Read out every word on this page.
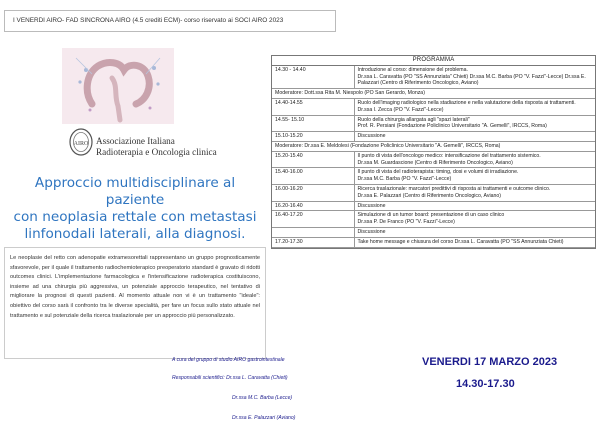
I VENERDI AIRO- FAD SINCRONA AIRO (4.5 crediti ECM)- corso riservato ai SOCI AIRO 2023
AIRO Associazione Italiana
Radioterapia e Oncologia clinica
Approccio multidisciplinare al paziente
con neoplasia rettale con metastasi
linfonodali laterali, alla diagnosi.
Le neoplasie del retto con adenopatie extramesorettali rappresentano un gruppo prognosticamente sfavorevole, per il quale il trattamento radiochemioterapico preoperatorio standard è gravato di ridotti outcomes clinici. L'implementazione farmacologica e l'intensificazione radioterapica costituiscono, insieme ad una chirurgia più aggressiva, un potenziale approccio terapeutico, nel tentativo di migliorare la prognosi di questi pazienti. Al momento attuale non vi è un trattamento "ideale": obiettivo del corso sarà il confronto tra le diverse specialità, per fare un focus sullo stato attuale nel trattamento e sul potenziale della ricerca traslazionale per un approccio più personalizzato.
A cura del gruppo di studio AIRO gastrointestinale
Responsabili scientifici: Dr.ssa L. Caravatta (Chieti)
Dr.ssa M.C. Barba (Lecce)
Dr.ssa E. Palazzari (Aviano)
PROGRAMMA
14.30 - 14.40	Introduzione al corso: dimensione del problema.
Dr.ssa L. Caravatta (PO "SS Annunziata" Chieti) Dr.ssa M.C. Barba (PO "V. Fazzi"-Lecce) Dr.ssa E. Palazzari (Centro di Riferimento Oncologico, Aviano)

Moderatore: Dott.ssa Rita M. Niespolo (PO San Gerardo, Monza)	
14.40-14.55	Ruolo dell'imaging radiologico nella stadiazione e nella valutazione della risposta ai trattamenti.
Dr.ssa I. Zecca (PO "V. Fazzi"-Lecce)

14.55- 15.10	Ruolo della chirurgia allargata agli "spazi laterali"
Prof. R. Persiani (Fondazione Policlinico Universitario "A. Gemelli", IRCCS, Roma)

15.10-15.20	Discussione

Moderatore: Dr.ssa E. Meldolesi (Fondazione Policlinico Universitario "A. Gemelli", IRCCS, Roma)	
15.20-15.40	Il punto di vista dell'oncologo medico: intensificazione del trattamento sistemico.
Dr.ssa M. Guardascione (Centro di Riferimento Oncologico, Aviano)

15.40-16.00	Il punto di vista del radioterapista: timing, dosi e volumi di irradiazione.
Dr.ssa M.C. Barba (PO "V. Fazzi"-Lecce)

16.00-16.20	Ricerca traslazionale: marcatori predittivi di risposta ai trattamenti e outcome clinico.
Dr.ssa E. Palazzari (Centro di Riferimento Oncologico, Aviano)

16.20-16.40	Discussione

16.40-17.20	Simulazione di un tumor board: presentazione di un caso clinico
Dr.ssa P. De Franco (PO "V. Fazzi"-Lecce)

	Discussione

17.20-17.30	Take home message e chiusura del corso Dr.ssa L. Caravatta (PO "SS Annunziata Chieti)
VENERDI 17 MARZO 2023
14.30-17.30
